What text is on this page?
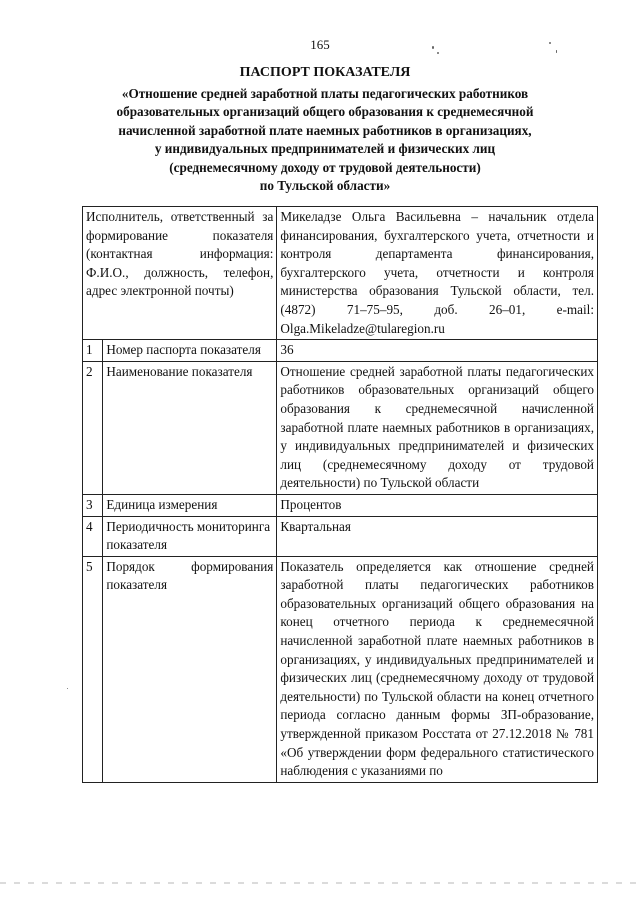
165
ПАСПОРТ ПОКАЗАТЕЛЯ
«Отношение средней заработной платы педагогических работников
образовательных организаций общего образования к среднемесячной
начисленной заработной плате наемных работников в организациях,
у индивидуальных предпринимателей и физических лиц
(среднемесячному доходу от трудовой деятельности)
по Тульской области»
Исполнитель, ответственный за формирование показателя (контактная информация: Ф.И.О., должность, телефон, адрес электронной почты)		Микеладзе Ольга Васильевна – начальник отдела финансирования, бухгалтерского учета, отчетности и контроля департамента финансирования, бухгалтерского учета, отчетности и контроля министерства образования Тульской области, тел. (4872) 71–75–95, доб. 26–01, e-mail: Olga.Mikeladze@tularegion.ru
1	Номер паспорта показателя	36
2	Наименование показателя	Отношение средней заработной платы педагогических работников образовательных организаций общего образования к среднемесячной начисленной заработной плате наемных работников в организациях, у индивидуальных предпринимателей и физических лиц (среднемесячному доходу от трудовой деятельности) по Тульской области
3	Единица измерения	Процентов
4	Периодичность мониторинга показателя	Квартальная
5	Порядок формирования показателя	Показатель определяется как отношение средней заработной платы педагогических работников образовательных организаций общего образования на конец отчетного периода к среднемесячной начисленной заработной плате наемных работников в организациях, у индивидуальных предпринимателей и физических лиц (среднемесячному доходу от трудовой деятельности) по Тульской области на конец отчетного периода согласно данным формы ЗП-образование, утвержденной приказом Росстата от 27.12.2018 № 781 «Об утверждении форм федерального статистического наблюдения с указаниями по
